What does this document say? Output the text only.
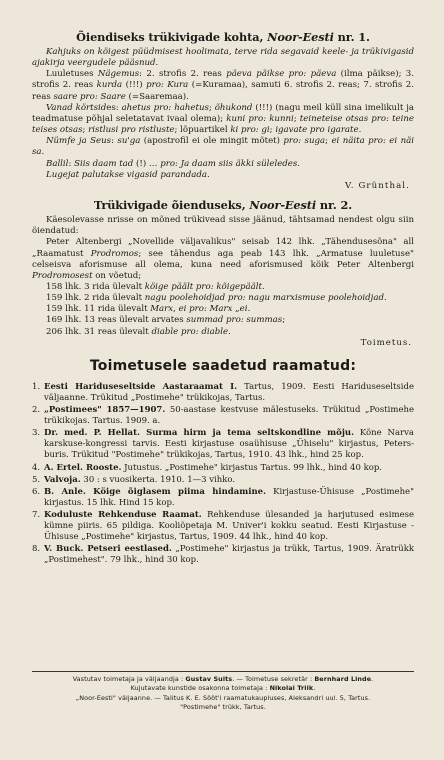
Õiendiseks trükivigade kohta, Noor-Eesti nr. 1.

Kahjuks on köigest püüdmisest hoolimata, terve rida segavaid keele- ja trükivigasid ajakirja veergudele pääsnud.

Luuletuses Nägemus: 2. strofis 2. reas päeva päikse pro: päeva (ilma päikse); 3. strofis 2. reas kurda (!!!) pro: Kura (=Kuramaa), samuti 6. strofis 2. reas; 7. strofis 2. reas saare pro: Saare (=Saaremaa).

Vanad körtsides: ahetus pro: hahetus; õhukond (!!!) (nagu meil küll sina imelikult ja teadmatuse põhjal seletatavat ivaal olema); kuni pro: kunni; teineteise otsas pro: teine teises otsas; ristlusi pro ristluste; lõpuartikel ki pro: gi; igavate pro igarate.

Nümfe ja Seus: su'ga (apostrofil ei ole mingit mõtet) pro: suga; ei näita pro: ei näi sa.

Ballil: Siis daam tad (!) … pro: Ja daam siis äkki süleledes.

Lugejat palutakse vigasid parandada.

V. Grünthal.

Trükivigade õienduseks, Noor-Eesti nr. 2.

Käesolevasse nrisse on mõned trükivead sisse jäänud, tähtsamad nendest olgu siin öiendatud:

Peter Altenbergi „Novellide väljavalikus" seisab 142 lhk. „Tähendusesõna" all „Raamatust Prodromos; see tähendus aga peab 143 lhk. „Armatuse luuletuse" celseisva aforismuse all olema, kuna need aforismused köik Peter Altenbergi Prodromosest on võetud;

158 lhk. 3 rida ülevalt köige päält pro: kõigepäält.

159 lhk. 2 rida ülevalt nagu poolehoidjad pro: nagu marxismuse poolehoidjad.

159 lhk. 11 rida ülevalt Marx, ei pro: Marx „ei.

169 lhk. 13 reas ülevalt arvates summad pro: summas;

206 lhk. 31 reas ülevalt diable pro: diable.

Toimetus.

Toimetusele saadetud raamatud:
1. Eesti Hariduseseltside Aastaraamat I. Tartus, 1909. Eesti Hariduseseltside väljaanne. Trükitud „Postimehe" trükikojas, Tartus.
2. „Postimees" 1857—1907. 50-aastase kestvuse mälestuseks. Trükitud „Postimehe trükikojas. Tartus. 1909. a.
3. Dr. med. P. Hellat. Surma hirm ja tema seltskondline mõju. Kõne Narva karskuse-kongressi tarvis. Eesti kirjastuse osaühisuse „Ühiselu" kirjastus, Petersburis. Trükitud "Postimehe" trükikojas, Tartus, 1910. 43 lhk., hind 25 kop.
4. A. Ertel. Rooste. Jutustus. „Postimehe" kirjastus Tartus. 99 lhk., hind 40 kop.
5. Valvoja. 30 : s vuosikerta. 1910. 1—3 vihko.
6. B. Anle. Köige õiglasem piima hindamine. Kirjastuse-Ühisuse „Postimehe" kirjastus. 15 lhk. Hind 15 kop.
7. Koduluste Rehkenduse Raamat. Rehkenduse ülesanded ja harjutused esimese kümne piiris. 65 pildiga. Kooliõpetaja M. Univer'i kokku seatud. Eesti Kirjastuse - Ühisuse „Postimehe" kirjastus, Tartus, 1909. 44 lhk., hind 40 kop.
8. V. Buck. Petseri eestlased. „Postimehe" kirjastus ja trükk, Tartus, 1909. Äratrükk „Postimehest". 79 lhk., hind 30 kop.
Vastutav toimetaja ja väljaandja : Gustav Suits. — Toimetuse sekretär : Bernhard Linde.
Kujutavate kunstide osakonna toimetaja : Nikolai Triik.
„Noor-Eesti" väljaanne. — Talitus K. E. Sööt'i raamatukaupluses, Aleksandri uul. 5, Tartus.
"Postimehe" trükk, Tartus.
